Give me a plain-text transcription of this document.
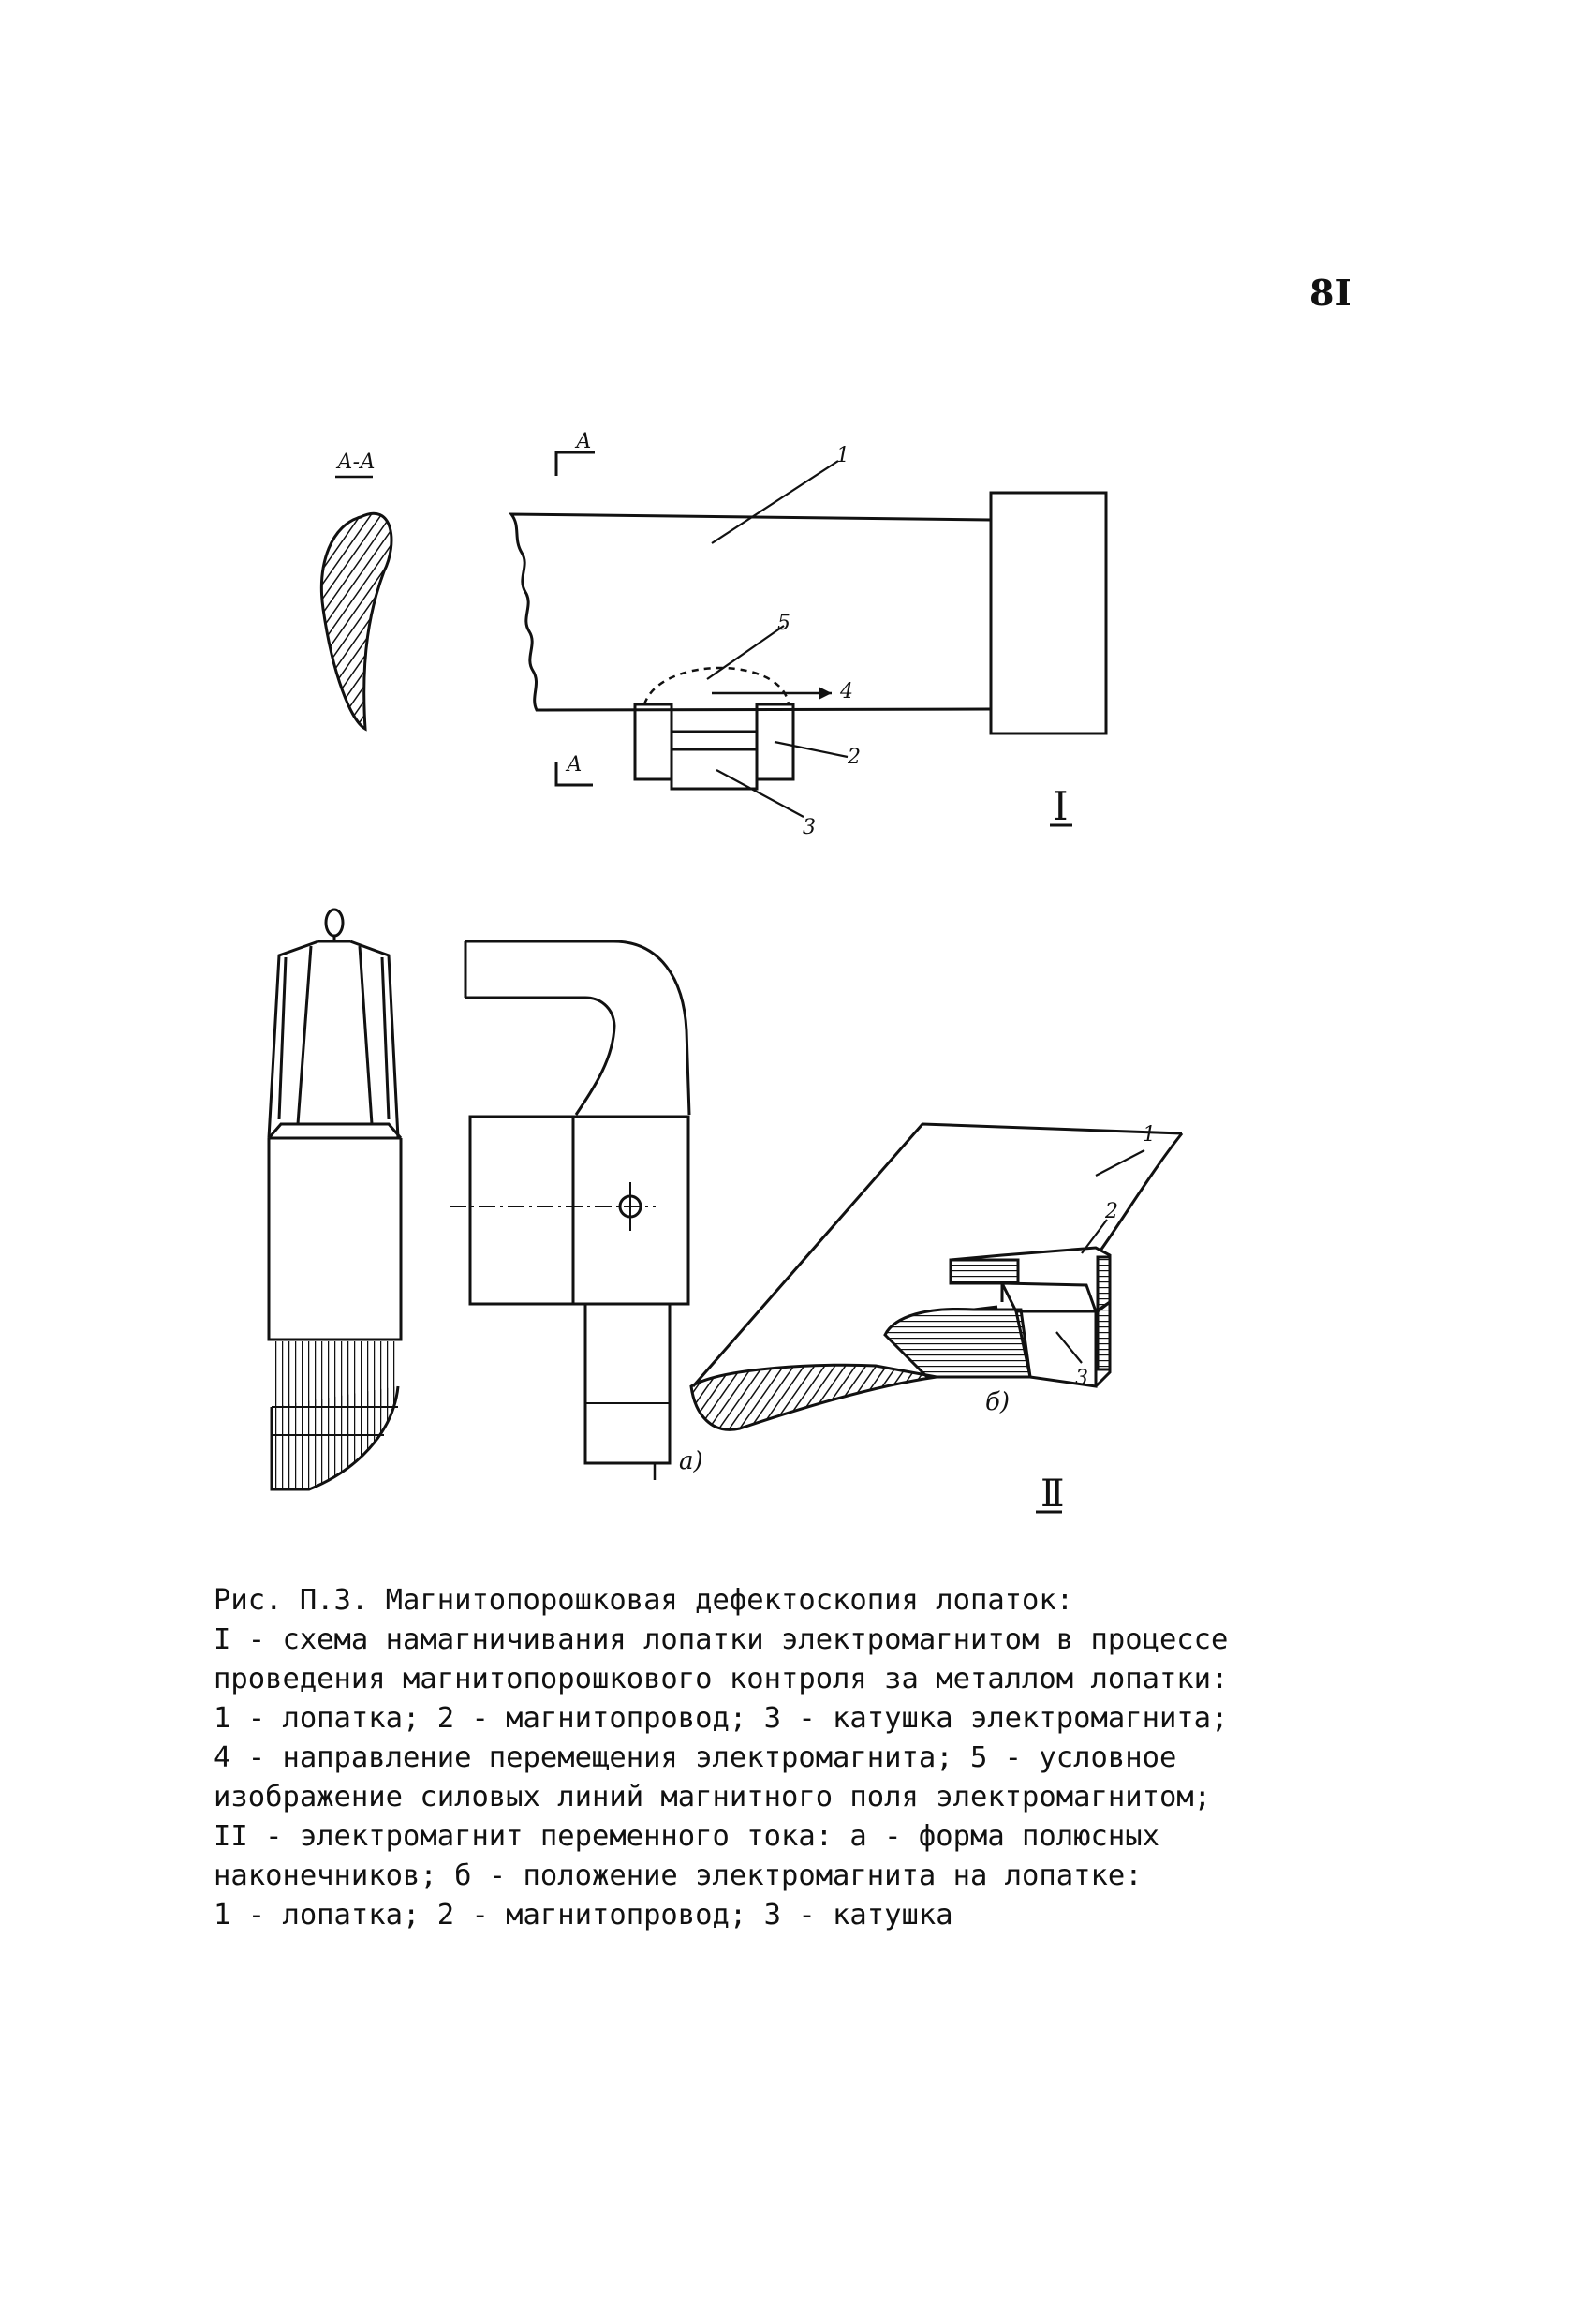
8I
А-А
А
А
1
5
4
2
3	I
а)
1
2
3
б)
II
Рис. П.3. Магнитопорошковая дефектоскопия лопаток:
I - схема намагничивания лопатки электромагнитом в процессе
проведения магнитопорошкового контроля за металлом лопатки:
1 - лопатка; 2 - магнитопровод; 3 - катушка электромагнита;
4 - направление перемещения электромагнита; 5 - условное
изображение силовых линий магнитного поля электромагнитом;
II - электромагнит переменного тока: а - форма полюсных
наконечников; б - положение электромагнита на лопатке:
1 - лопатка; 2 - магнитопровод; 3 - катушка
